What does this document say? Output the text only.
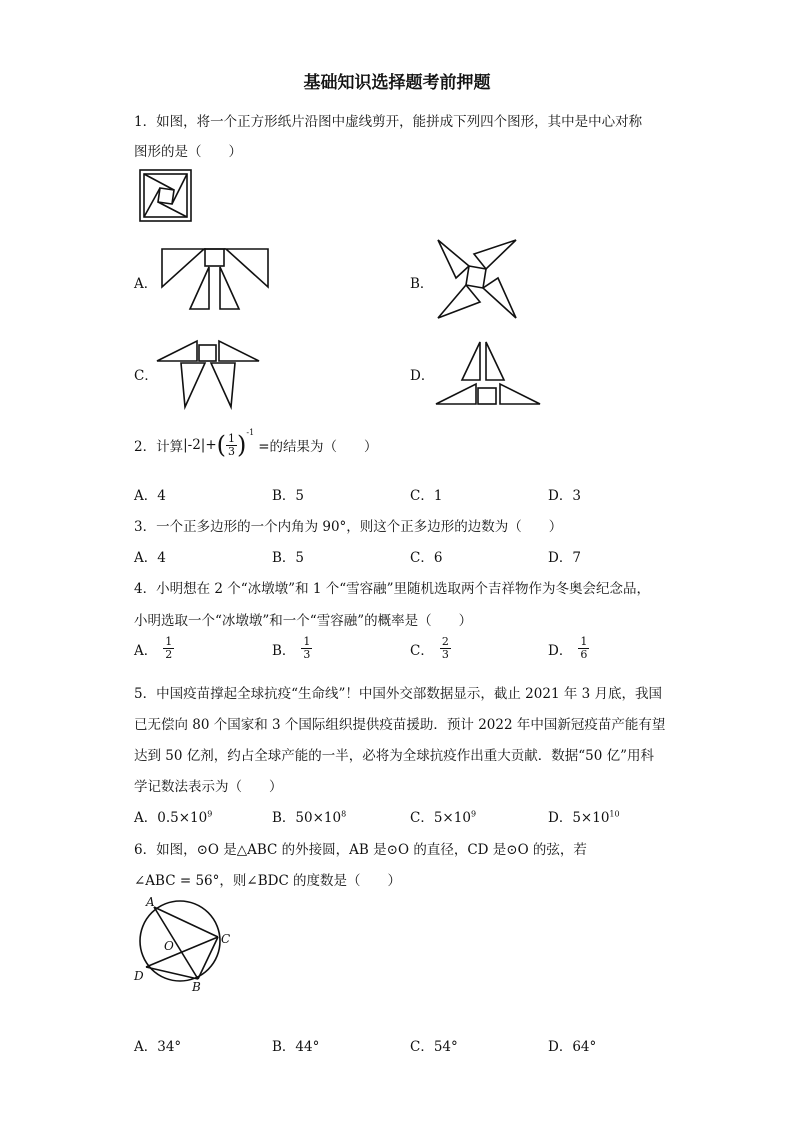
基础知识选择题考前押题
1．如图，将一个正方形纸片沿图中虚线剪开，能拼成下列四个图形，其中是中心对称
图形的是（　　）
A．	B．
C．	D．
2．计算 |-2|+ ( $\frac{1}{3}$ ) -1
=的结果为（　　）
A．4	B．5	C．1	D．3
3．一个正多边形的一个内角为 90°，则这个正多边形的边数为（　　）
A．4	B．5	C．6	D．7
4．小明想在 2 个“冰墩墩”和 1 个“雪容融”里随机选取两个吉祥物作为冬奥会纪念品，
小明选取一个“冰墩墩”和一个“雪容融”的概率是（　　）
A． $\frac{1}{2}$	B． $\frac{1}{3}$	C． $\frac{2}{3}$	D． $\frac{1}{6}$
5．中国疫苗撑起全球抗疫“生命线”！中国外交部数据显示，截止 2021 年 3 月底，我国
已无偿向 80 个国家和 3 个国际组织提供疫苗援助．预计 2022 年中国新冠疫苗产能有望
达到 50 亿剂，约占全球产能的一半，必将为全球抗疫作出重大贡献．数据“50 亿”用科
学记数法表示为（　　）
A．$0.5\times 10^9$	B．$50\times 10^8$	C．$5\times 10^9$	D．$5\times 10^{10}$
6．如图，⊙O 是△ABC 的外接圆，AB 是⊙O 的直径，CD 是⊙O 的弦，若
∠ABC = 56°，则∠BDC 的度数是（　　）
A
O	C
D
B
A．34°	B．44°	C．54°	D．64°
